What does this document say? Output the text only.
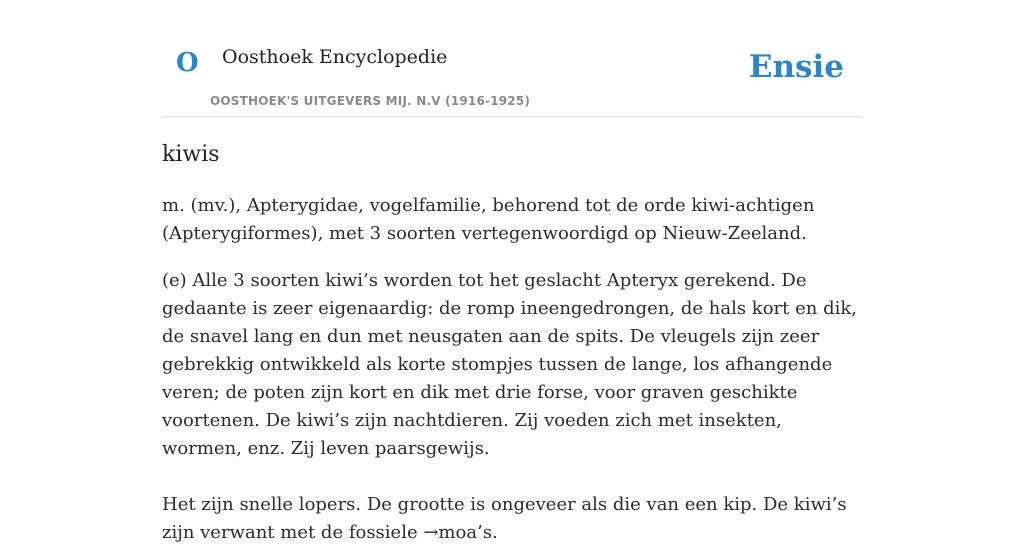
O Oosthoek Encyclopedie
OOSTHOEK'S UITGEVERS MIJ. N.V (1916-1925)
Ensie
kiwis

m. (mv.), Apterygidae, vogelfamilie, behorend tot de orde kiwi-achtigen (Apterygiformes), met 3 soorten vertegenwoordigd op Nieuw-Zeeland.

(e) Alle 3 soorten kiwi’s worden tot het geslacht Apteryx gerekend. De gedaante is zeer eigenaardig: de romp ineengedrongen, de hals kort en dik, de snavel lang en dun met neusgaten aan de spits. De vleugels zijn zeer gebrekkig ontwikkeld als korte stompjes tussen de lange, los afhangende veren; de poten zijn kort en dik met drie forse, voor graven geschikte voortenen. De kiwi’s zijn nachtdieren. Zij voeden zich met insekten, wormen, enz. Zij leven paarsgewijs.

Het zijn snelle lopers. De grootte is ongeveer als die van een kip. De kiwi’s zijn verwant met de fossiele →moa’s.
